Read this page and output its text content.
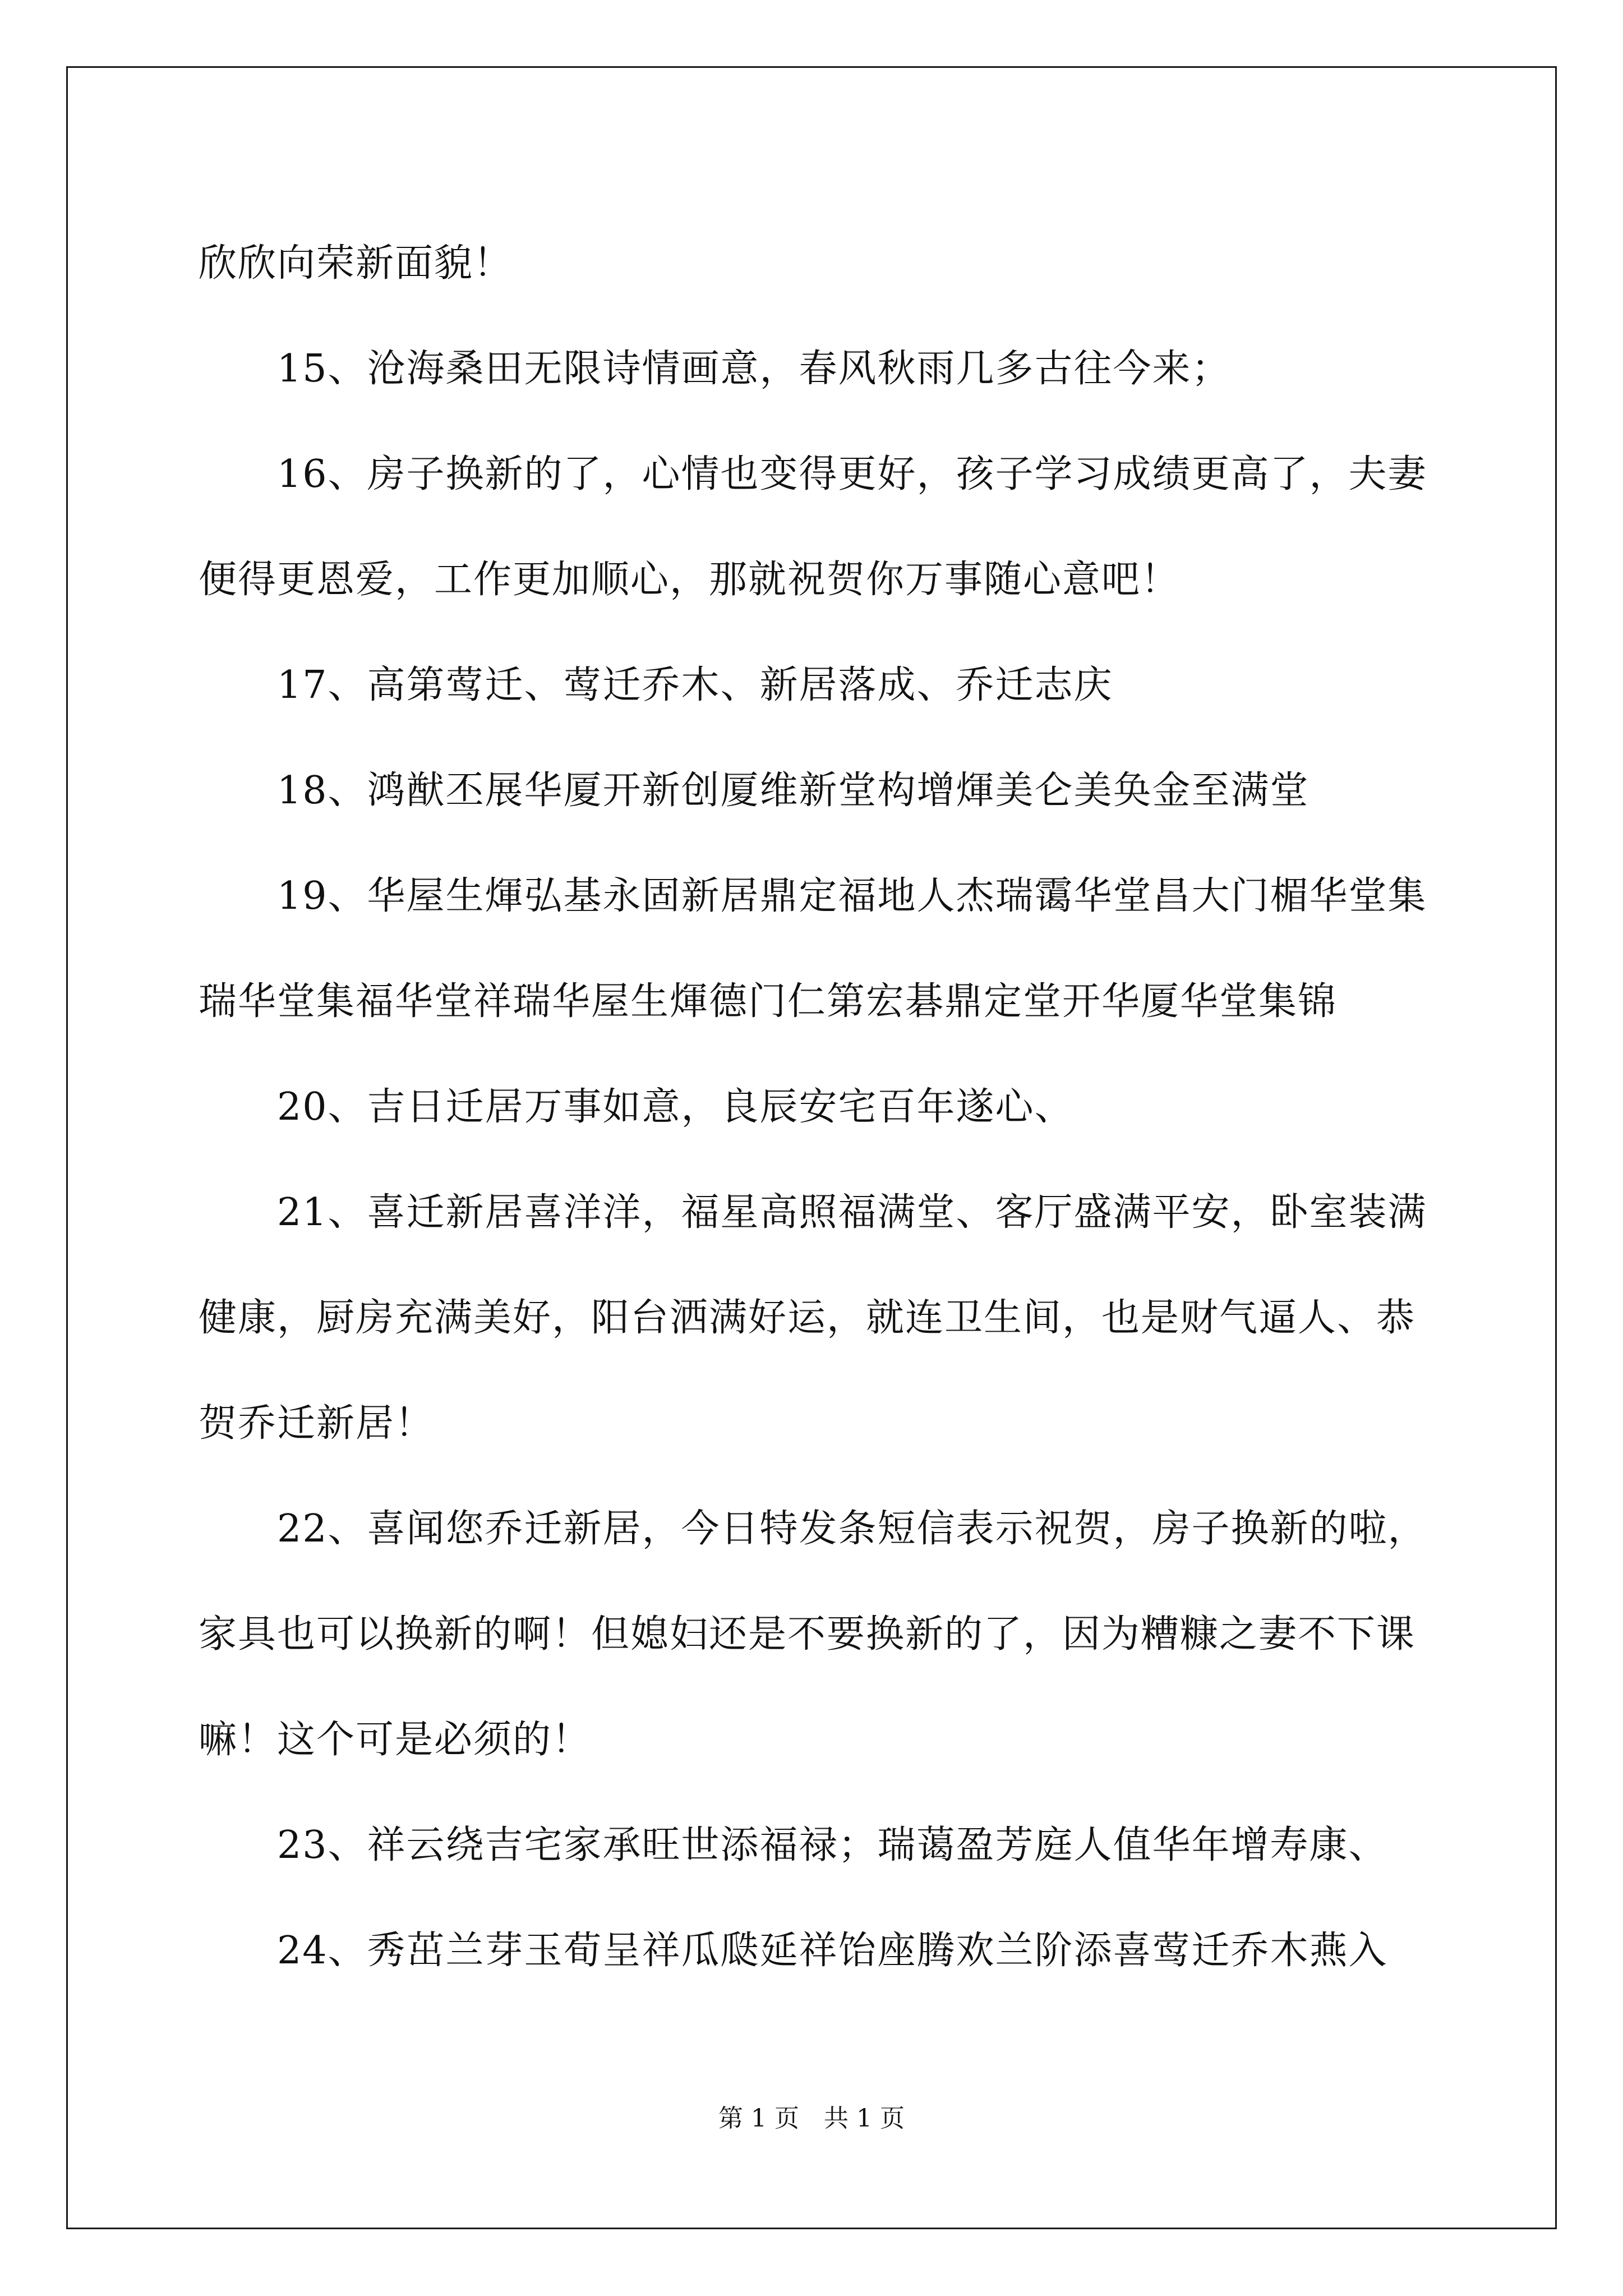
欣欣向荣新面貌！

　　15、沧海桑田无限诗情画意，春风秋雨几多古往今来；

　　16、房子换新的了，心情也变得更好，孩子学习成绩更高了，夫妻便得更恩爱，工作更加顺心，那就祝贺你万事随心意吧！

　　17、高第莺迁、莺迁乔木、新居落成、乔迁志庆

　　18、鸿猷丕展华厦开新创厦维新堂构增煇美仑美奂金至满堂

　　19、华屋生煇弘基永固新居鼎定福地人杰瑞霭华堂昌大门楣华堂集瑞华堂集福华堂祥瑞华屋生煇德门仁第宏碁鼎定堂开华厦华堂集锦

　　20、吉日迁居万事如意，良辰安宅百年遂心、

　　21、喜迁新居喜洋洋，福星高照福满堂、客厅盛满平安，卧室装满健康，厨房充满美好，阳台洒满好运，就连卫生间，也是财气逼人、恭贺乔迁新居！

　　22、喜闻您乔迁新居，今日特发条短信表示祝贺，房子换新的啦，家具也可以换新的啊！但媳妇还是不要换新的了，因为糟糠之妻不下课嘛！这个可是必须的！

　　23、祥云绕吉宅家承旺世添福禄；瑞蔼盈芳庭人值华年增寿康、

　　24、秀茁兰芽玉荀呈祥瓜瓞延祥饴座腾欢兰阶添喜莺迁乔木燕入

第 1 页　共 1 页
